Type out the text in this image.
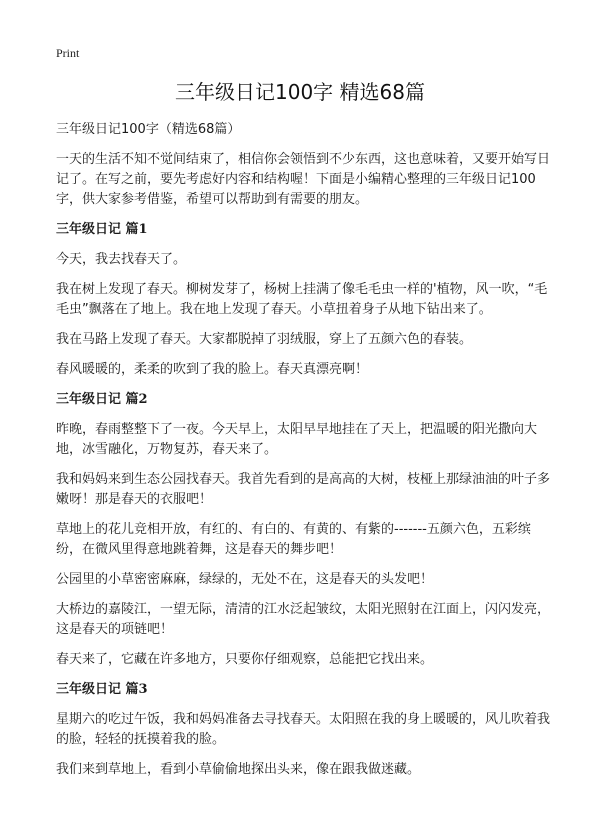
Print
三年级日记100字 精选68篇

三年级日记100字（精选68篇）

一天的生活不知不觉间结束了，相信你会领悟到不少东西，这也意味着，又要开始写日记了。在写之前，要先考虑好内容和结构喔！下面是小编精心整理的三年级日记100字，供大家参考借鉴，希望可以帮助到有需要的朋友。

三年级日记 篇1

今天，我去找春天了。

我在树上发现了春天。柳树发芽了，杨树上挂满了像毛毛虫一样的'植物，风一吹，“毛毛虫”飘落在了地上。我在地上发现了春天。小草扭着身子从地下钻出来了。

我在马路上发现了春天。大家都脱掉了羽绒服，穿上了五颜六色的春装。

春风暖暖的，柔柔的吹到了我的脸上。春天真漂亮啊！

三年级日记 篇2

昨晚，春雨整整下了一夜。今天早上，太阳早早地挂在了天上，把温暖的阳光撒向大地，冰雪融化，万物复苏，春天来了。

我和妈妈来到生态公园找春天。我首先看到的是高高的大树，枝桠上那绿油油的叶子多嫩呀！那是春天的衣服吧！

草地上的花儿竞相开放，有红的、有白的、有黄的、有紫的-------五颜六色，五彩缤纷，在微风里得意地跳着舞，这是春天的舞步吧！

公园里的小草密密麻麻，绿绿的，无处不在，这是春天的头发吧！

大桥边的嘉陵江，一望无际，清清的江水泛起皱纹，太阳光照射在江面上，闪闪发亮，这是春天的项链吧！

春天来了，它藏在许多地方，只要你仔细观察，总能把它找出来。

三年级日记 篇3

星期六的吃过午饭，我和妈妈准备去寻找春天。太阳照在我的身上暖暖的，风儿吹着我的脸，轻轻的抚摸着我的脸。

我们来到草地上，看到小草偷偷地探出头来，像在跟我做迷藏。
